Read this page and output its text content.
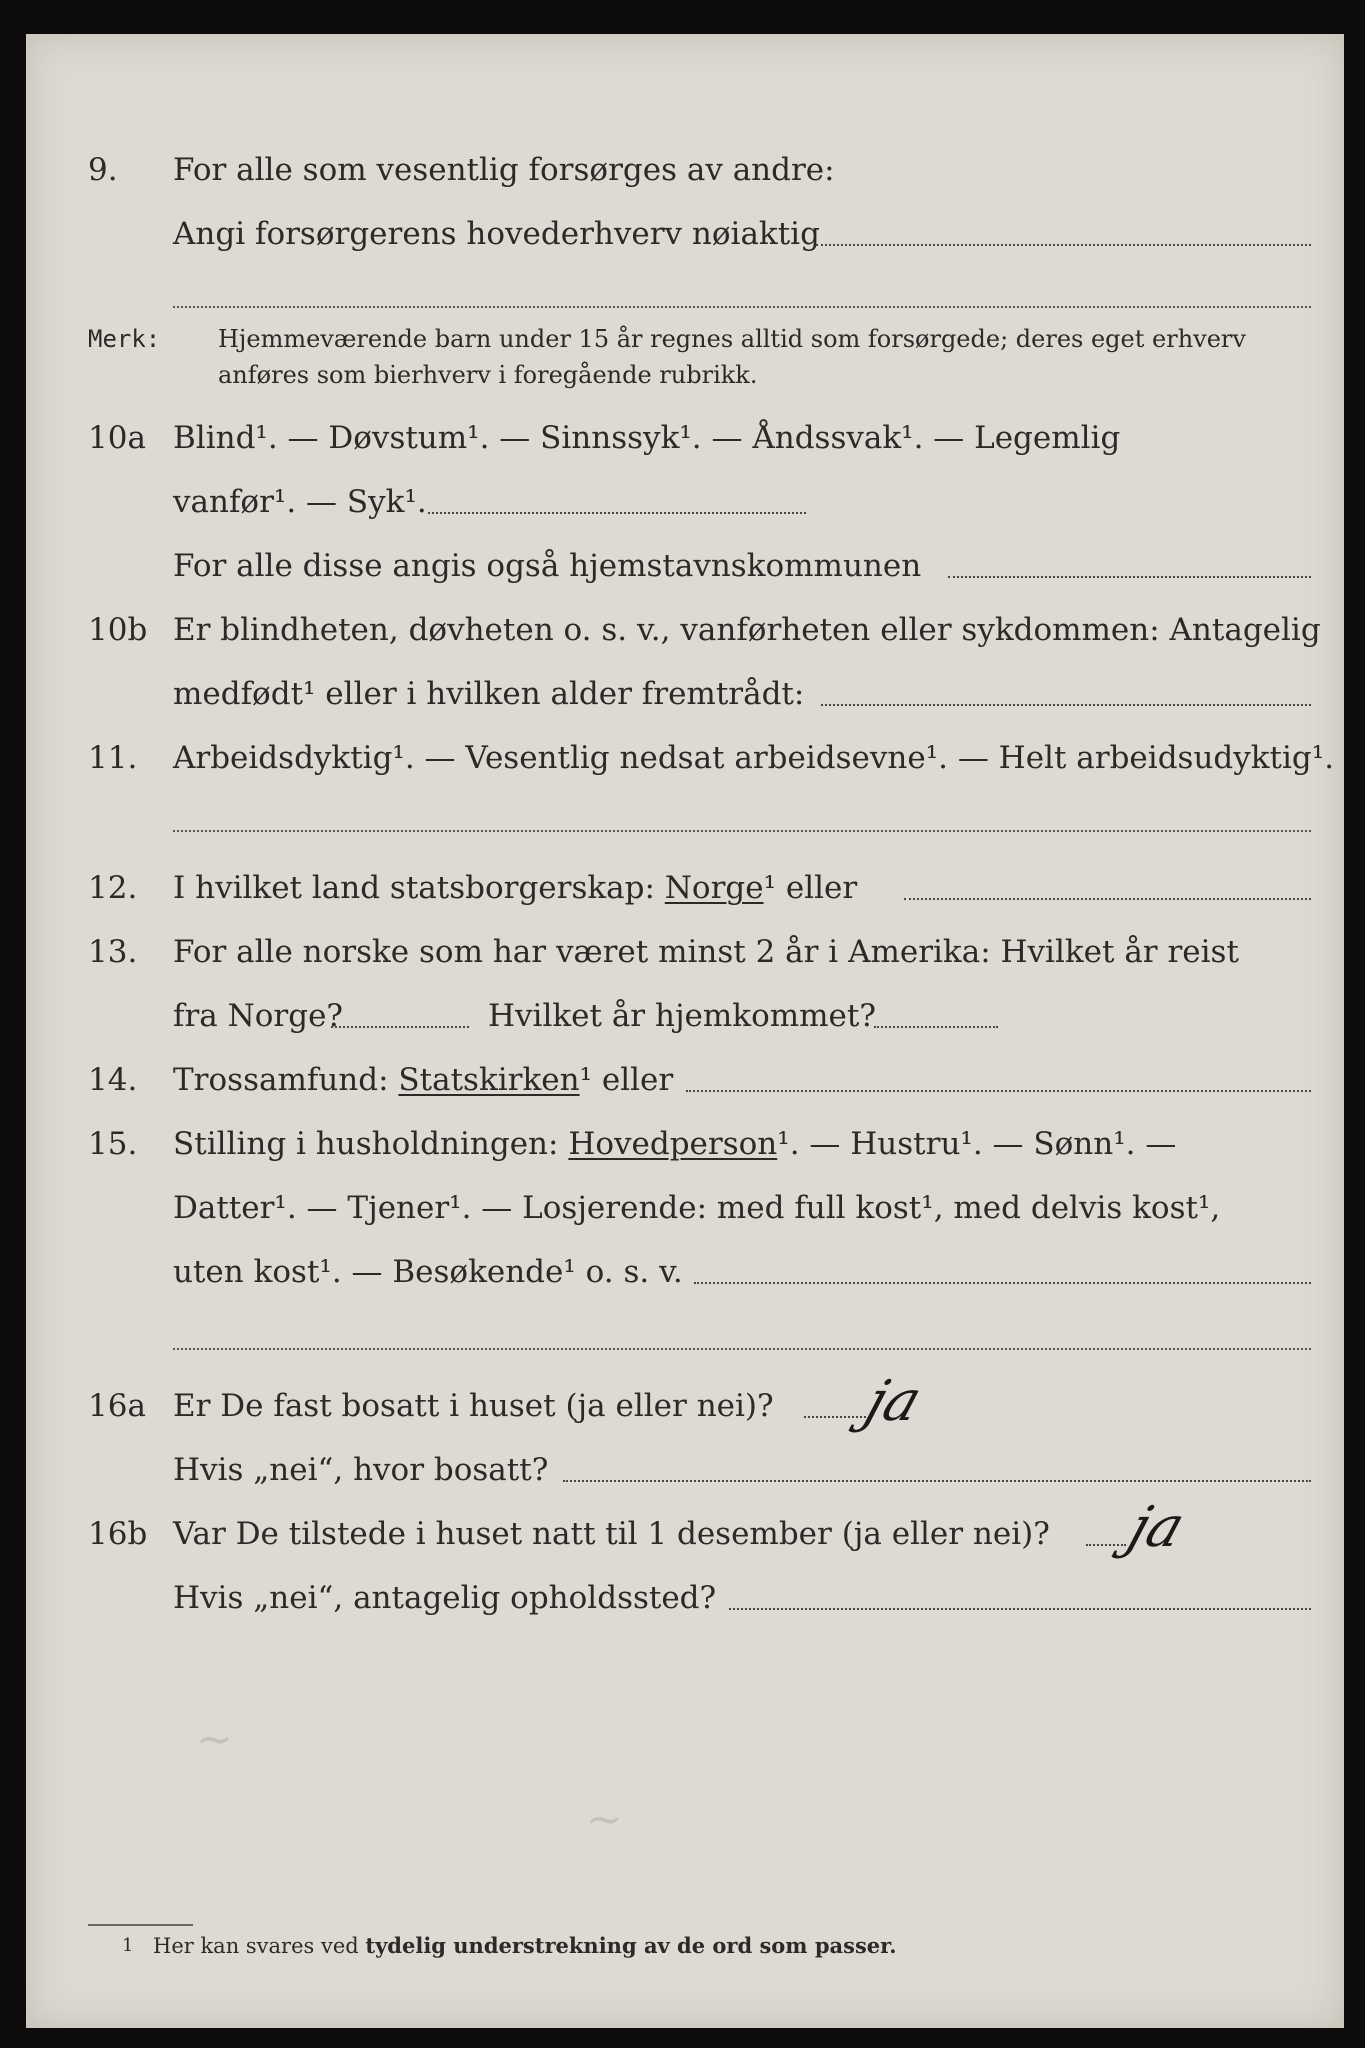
9. For alle som vesentlig forsørges av andre:
Angi forsørgerens hovederhverv nøiaktig
Merk: Hjemmeværende barn under 15 år regnes alltid som forsørgede; deres eget erhverv
anføres som bierhverv i foregående rubrikk.
10a Blind¹. — Døvstum¹. — Sinnssyk¹. — Åndssvak¹. — Legemlig
vanfør¹. — Syk¹.
For alle disse angis også hjemstavnskommunen
10b Er blindheten, døvheten o. s. v., vanførheten eller sykdommen: Antagelig
medfødt¹ eller i hvilken alder fremtrådt:
11. Arbeidsdyktig¹. — Vesentlig nedsat arbeidsevne¹. — Helt arbeidsudyktig¹.
12. I hvilket land statsborgerskap: Norge¹ eller
13. For alle norske som har været minst 2 år i Amerika: Hvilket år reist
fra Norge?	Hvilket år hjemkommet?
14. Trossamfund: Statskirken¹ eller
15. Stilling i husholdningen: Hovedperson¹. — Hustru¹. — Sønn¹. —
Datter¹. — Tjener¹. — Losjerende: med full kost¹, med delvis kost¹,
uten kost¹. — Besøkende¹ o. s. v.
16a Er De fast bosatt i huset (ja eller nei)? ja
Hvis „nei“, hvor bosatt?
16b Var De tilstede i huset natt til 1 desember (ja eller nei)? ja
Hvis „nei“, antagelig opholdssted?
~
~
1 Her kan svares ved tydelig understrekning av de ord som passer.
